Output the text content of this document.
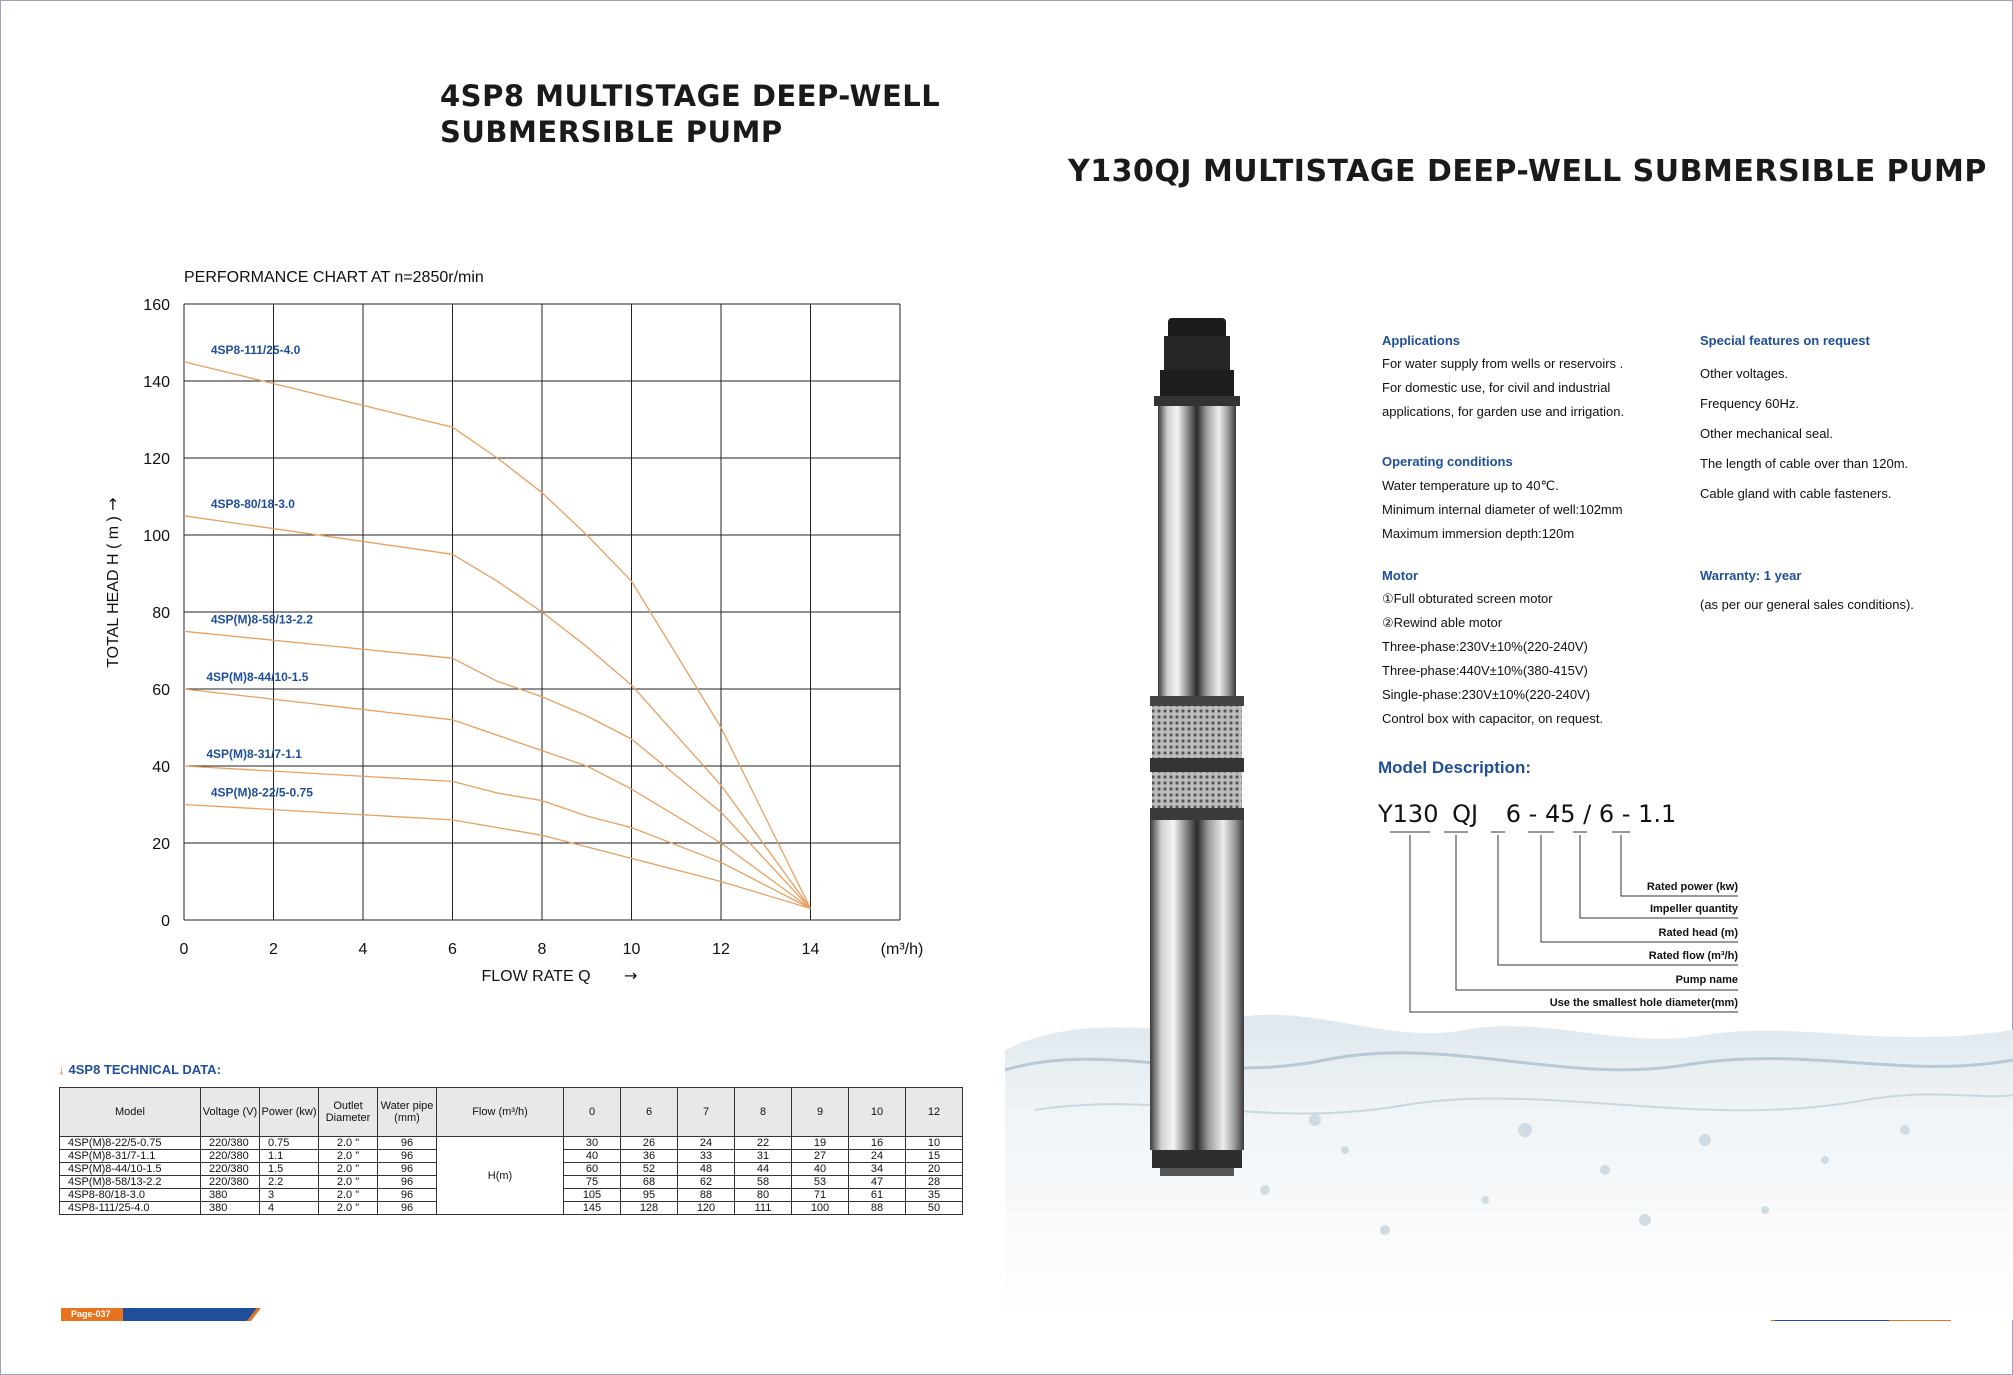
4SP8 MULTISTAGE DEEP-WELL
SUBMERSIBLE PUMP
0
20
40
60
80
100
120
140
160
0	2	4	6	8	10	12	14	(m³/h)
PERFORMANCE CHART AT n=2850r/min
FLOW RATE Q →
TOTAL HEAD H ( m )
→
4SP8-111/25-4.0
4SP8-80/18-3.0
4SP(M)8-58/13-2.2
4SP(M)8-44/10-1.5
4SP(M)8-31/7-1.1
4SP(M)8-22/5-0.75
↓ 4SP8 TECHNICAL DATA:
Model	Voltage (V)	Power (kw)	Outlet Diameter	Water pipe (mm)	Flow (m³/h)	0	6	7	8	9	10	12
4SP(M)8-22/5-0.75	220/380	0.75	2.0 "	96	H(m)	30	26	24	22	19	16	10
4SP(M)8-31/7-1.1	220/380	1.1	2.0 "	96		40	36	33	31	27	24	15
4SP(M)8-44/10-1.5	220/380	1.5	2.0 "	96		60	52	48	44	40	34	20
4SP(M)8-58/13-2.2	220/380	2.2	2.0 "	96		75	68	62	58	53	47	28
4SP8-80/18-3.0	380	3	2.0 "	96		105	95	88	80	71	61	35
4SP8-111/25-4.0	380	4	2.0 "	96		145	128	120	111	100	88	50
Page-037
038
Y130QJ MULTISTAGE DEEP-WELL SUBMERSIBLE PUMP
Applications
For water supply from wells or reservoirs .
For domestic use, for civil and industrial
applications, for garden use and irrigation.
Operating conditions
Water temperature up to 40℃.
Minimum internal diameter of well:102mm
Maximum immersion depth:120m
Motor
①Full obturated screen motor
②Rewind able motor
Three-phase:230V±10%(220-240V)
Three-phase:440V±10%(380-415V)
Single-phase:230V±10%(220-240V)
Control box with capacitor, on request.
Special features on request
Other voltages.
Frequency 60Hz.
Other mechanical seal.
The length of cable over than 120m.
Cable gland with cable fasteners.
Warranty: 1 year
(as per our general sales conditions).
Model Description:
Y130 QJ 6 - 45 / 6 - 1.1
Rated power (kw)
Impeller quantity
Rated head (m)
Rated flow (m³/h)
Pump name
Use the smallest hole diameter(mm)
